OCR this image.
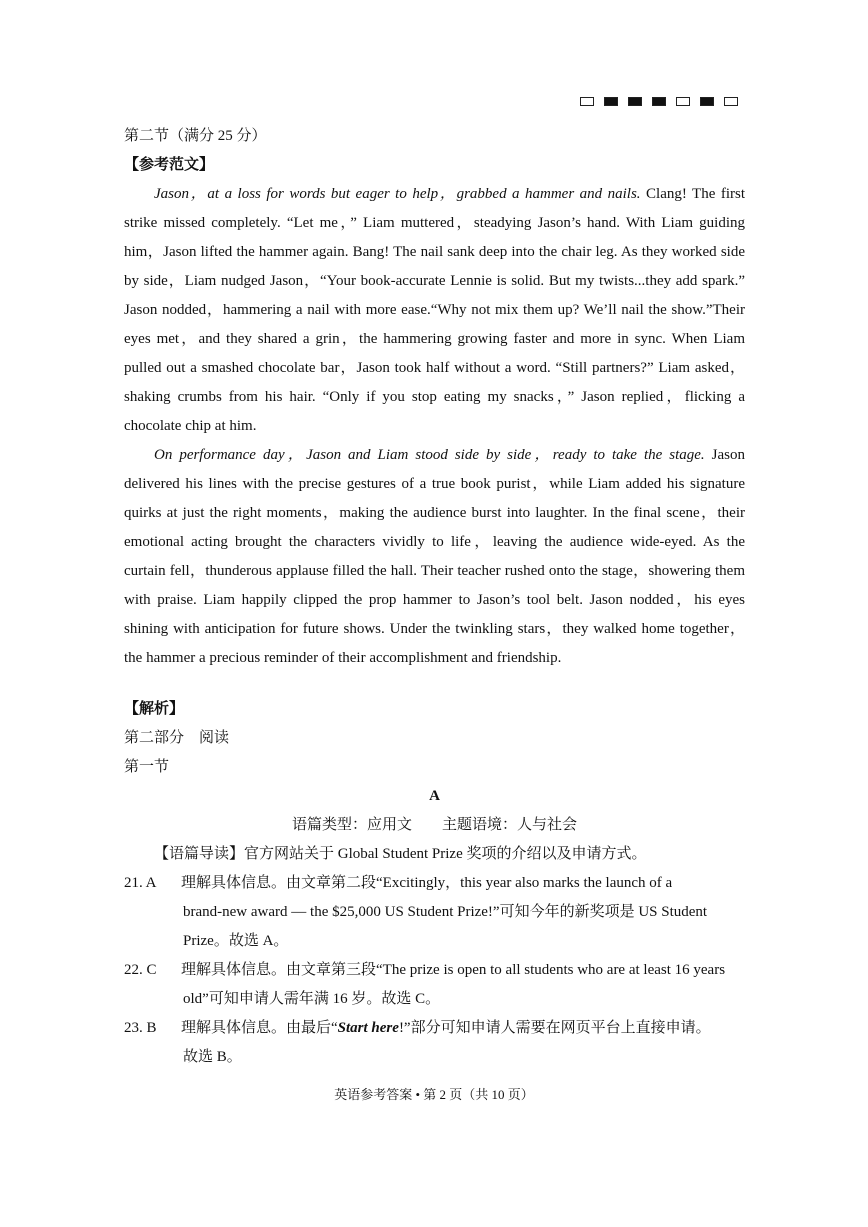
第二节（满分 25 分）
【参考范文】
Jason，at a loss for words but eager to help，grabbed a hammer and nails. Clang! The first
strike missed completely. “Let me，” Liam muttered，steadying Jason’s hand. With Liam guiding
him，Jason lifted the hammer again. Bang! The nail sank deep into the chair leg. As they worked side
by side，Liam nudged Jason，“Your book-accurate Lennie is solid. But my twists...they add spark.”
Jason nodded，hammering a nail with more ease.“Why not mix them up? We’ll nail the show.”Their
eyes met，and they shared a grin，the hammering growing faster and more in sync. When Liam
pulled out a smashed chocolate bar，Jason took half without a word. “Still partners?” Liam asked，
shaking crumbs from his hair. “Only if you stop eating my snacks，” Jason replied，flicking a
chocolate chip at him.
On performance day，Jason and Liam stood side by side，ready to take the stage. Jason
delivered his lines with the precise gestures of a true book purist，while Liam added his signature
quirks at just the right moments，making the audience burst into laughter. In the final scene，their
emotional acting brought the characters vividly to life，leaving the audience wide-eyed. As the
curtain fell，thunderous applause filled the hall. Their teacher rushed onto the stage，showering them
with praise. Liam happily clipped the prop hammer to Jason’s tool belt. Jason nodded，his eyes
shining with anticipation for future shows. Under the twinkling stars，they walked home together，
the hammer a precious reminder of their accomplishment and friendship.
【解析】
第二部分　阅读
第一节
A
语篇类型：应用文　　主题语境：人与社会
【语篇导读】官方网站关于 Global Student Prize 奖项的介绍以及申请方式。
21. A 理解具体信息。由文章第二段“Excitingly，this year also marks the launch of a
brand-new award — the $25,000 US Student Prize!”可知今年的新奖项是 US Student
Prize。故选 A。
22. C 理解具体信息。由文章第三段“The prize is open to all students who are at least 16 years
old”可知申请人需年满 16 岁。故选 C。
23. B 理解具体信息。由最后“Start here!”部分可知申请人需要在网页平台上直接申请。
故选 B。
英语参考答案 • 第 2 页（共 10 页）
